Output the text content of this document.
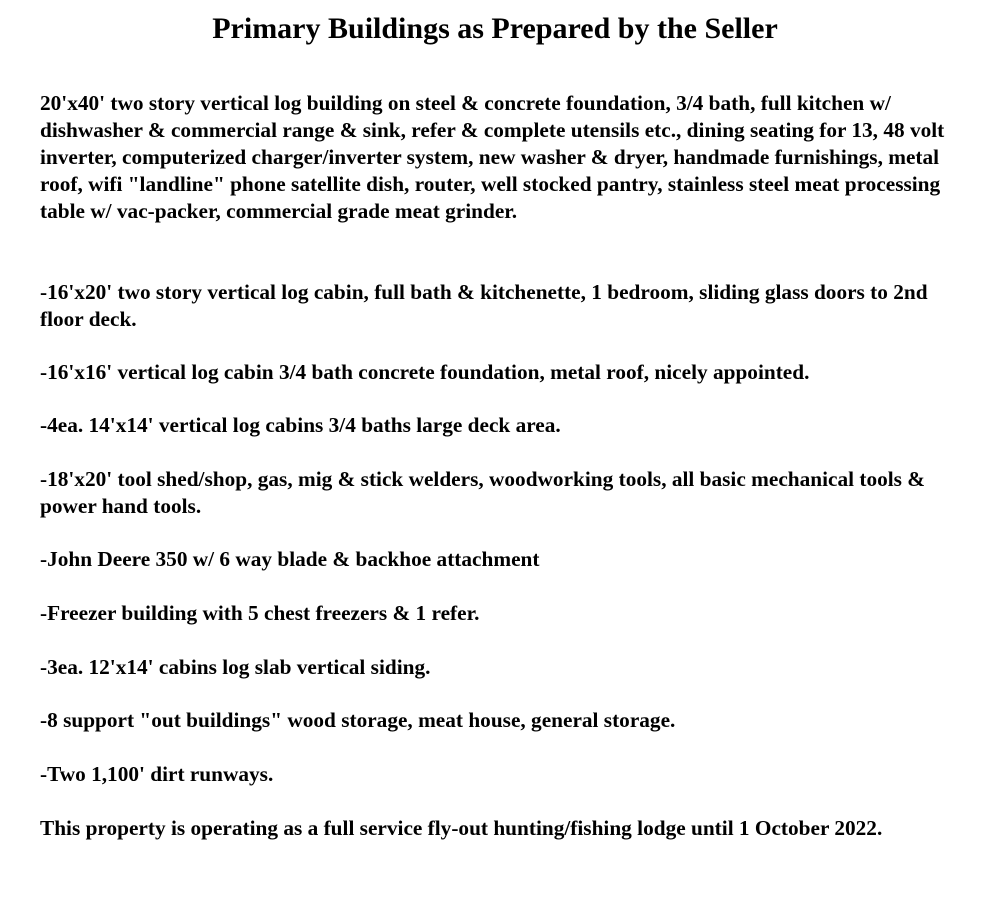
Primary Buildings as Prepared by the Seller

20'x40' two story vertical log building on steel & concrete foundation, 3/4 bath, full kitchen w/ dishwasher & commercial range & sink, refer & complete utensils etc., dining seating for 13, 48 volt inverter, computerized charger/inverter system, new washer & dryer, handmade furnishings, metal roof, wifi "landline" phone satellite dish, router, well stocked pantry, stainless steel meat processing table w/ vac-packer, commercial grade meat grinder.

-16'x20' two story vertical log cabin, full bath & kitchenette, 1 bedroom, sliding glass doors to 2nd floor deck.

-16'x16' vertical log cabin 3/4 bath concrete foundation, metal roof, nicely appointed.

-4ea. 14'x14' vertical log cabins 3/4 baths large deck area.

-18'x20' tool shed/shop, gas, mig & stick welders, woodworking tools, all basic mechanical tools & power hand tools.

-John Deere 350 w/ 6 way blade & backhoe attachment

-Freezer building with 5 chest freezers & 1 refer.

-3ea. 12'x14' cabins log slab vertical siding.

-8 support "out buildings" wood storage, meat house, general storage.

-Two 1,100' dirt runways.

This property is operating as a full service fly-out hunting/fishing lodge until 1 October 2022.
